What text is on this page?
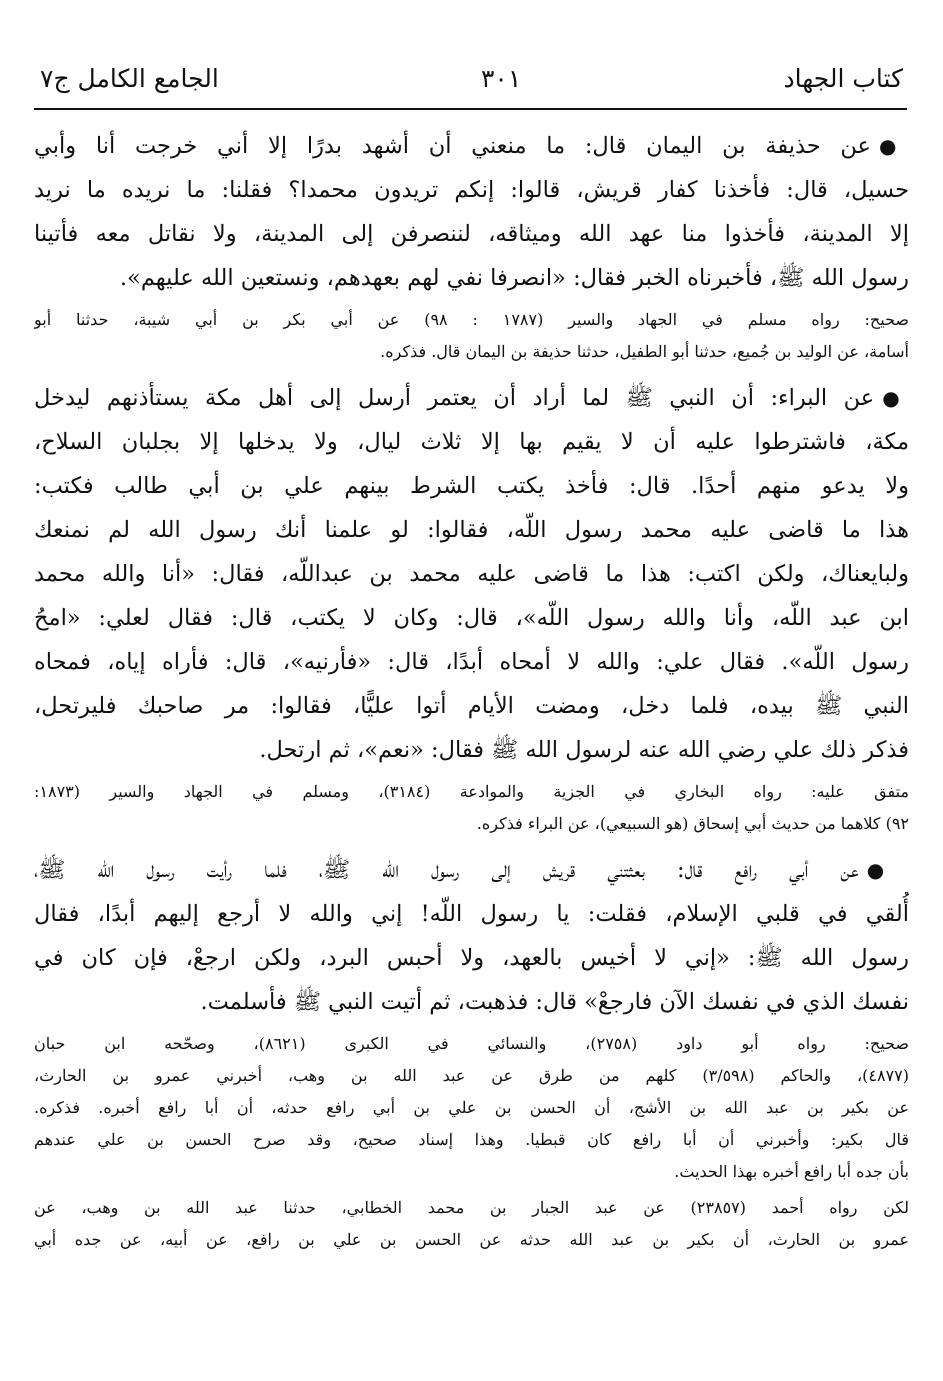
كتاب الجهاد
٣٠١
الجامع الكامل ج٧
●عن حذيفة بن اليمان قال: ما منعني أن أشهد بدرًا إلا أني خرجت أنا وأبي
حسيل، قال: فأخذنا كفار قريش، قالوا: إنكم تريدون محمدا؟ فقلنا: ما نريده ما نريد
إلا المدينة، فأخذوا منا عهد الله وميثاقه، لننصرفن إلى المدينة، ولا نقاتل معه فأتينا
رسول الله ﷺ، فأخبرناه الخبر فقال: «انصرفا نفي لهم بعهدهم، ونستعين الله عليهم».
صحيح: رواه مسلم في الجهاد والسير (١٧٨٧ : ٩٨) عن أبي بكر بن أبي شيبة، حدثنا أبو
أسامة، عن الوليد بن جُميع، حدثنا أبو الطفيل، حدثنا حذيفة بن اليمان قال. فذكره.
●عن البراء: أن النبي ﷺ لما أراد أن يعتمر أرسل إلى أهل مكة يستأذنهم ليدخل
مكة، فاشترطوا عليه أن لا يقيم بها إلا ثلاث ليال، ولا يدخلها إلا بجلبان السلاح،
ولا يدعو منهم أحدًا. قال: فأخذ يكتب الشرط بينهم علي بن أبي طالب فكتب:
هذا ما قاضى عليه محمد رسول اللّه، فقالوا: لو علمنا أنك رسول الله لم نمنعك
ولبايعناك، ولكن اكتب: هذا ما قاضى عليه محمد بن عبداللّه، فقال: «أنا والله محمد
ابن عبد اللّه، وأنا والله رسول اللّه»، قال: وكان لا يكتب، قال: فقال لعلي: «امحُ
رسول اللّه». فقال علي: والله لا أمحاه أبدًا، قال: «فأرنيه»، قال: فأراه إياه، فمحاه
النبي ﷺ بيده، فلما دخل، ومضت الأيام أتوا عليًّا، فقالوا: مر صاحبك فليرتحل،
فذكر ذلك علي رضي الله عنه لرسول الله ﷺ فقال: «نعم»، ثم ارتحل.
متفق عليه: رواه البخاري في الجزية والموادعة (٣١٨٤)، ومسلم في الجهاد والسير (١٨٧٣:
٩٢) كلاهما من حديث أبي إسحاق (هو السبيعي)، عن البراء فذكره.
●عن أبي رافع قال: بعثتني قريش إلى رسول الله ﷺ، فلما رأيت رسول الله ﷺ،
أُلقي في قلبي الإسلام، فقلت: يا رسول اللّه! إني والله لا أرجع إليهم أبدًا، فقال
رسول الله ﷺ: «إني لا أخيس بالعهد، ولا أحبس البرد، ولكن ارجعْ، فإن كان في
نفسك الذي في نفسك الآن فارجعْ» قال: فذهبت، ثم أتيت النبي ﷺ فأسلمت.
صحيح: رواه أبو داود (٢٧٥٨)، والنسائي في الكبرى (٨٦٢١)، وصحّحه ابن حبان
(٤٨٧٧)، والحاكم (٣/٥٩٨) كلهم من طرق عن عبد الله بن وهب، أخبرني عمرو بن الحارث،
عن بكير بن عبد الله بن الأشج، أن الحسن بن علي بن أبي رافع حدثه، أن أبا رافع أخبره. فذكره.
قال بكير: وأخبرني أن أبا رافع كان قبطيا. وهذا إسناد صحيح، وقد صرح الحسن بن علي عندهم
بأن جده أبا رافع أخبره بهذا الحديث.
لكن رواه أحمد (٢٣٨٥٧) عن عبد الجبار بن محمد الخطابي، حدثنا عبد الله بن وهب، عن
عمرو بن الحارث، أن بكير بن عبد الله حدثه عن الحسن بن علي بن رافع، عن أبيه، عن جده أبي
